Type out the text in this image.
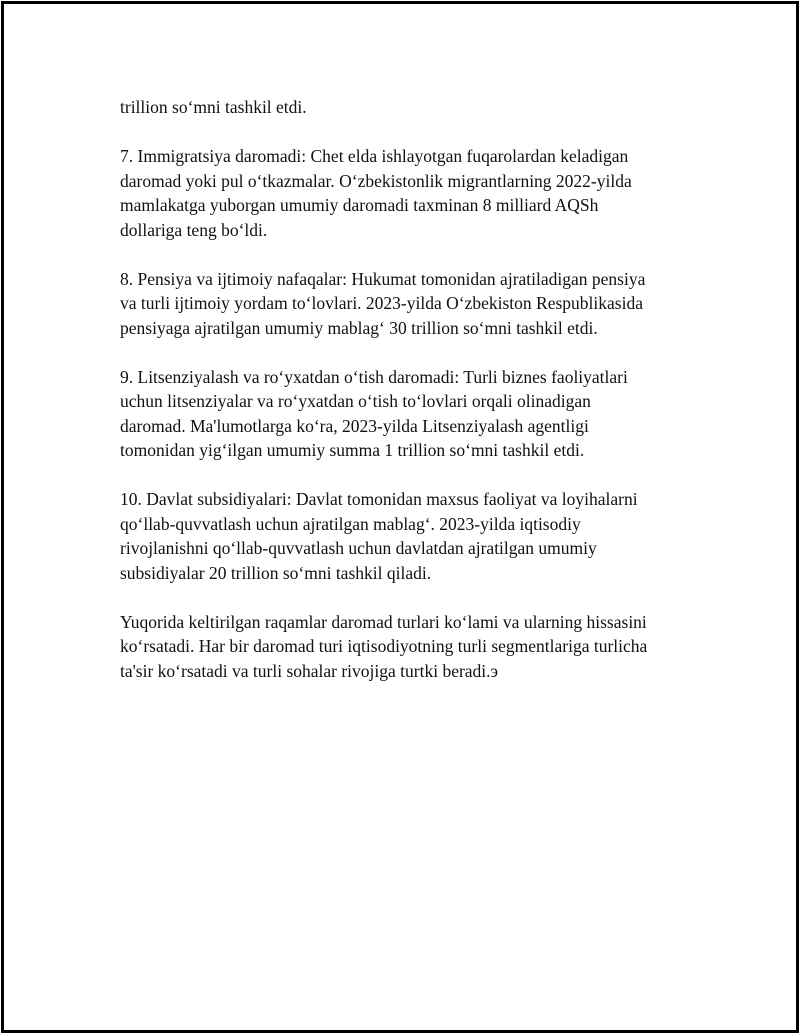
trillion so‘mni tashkil etdi.

7. Immigratsiya daromadi: Chet elda ishlayotgan fuqarolardan keladigan
daromad yoki pul o‘tkazmalar. O‘zbekistonlik migrantlarning 2022-yilda
mamlakatga yuborgan umumiy daromadi taxminan 8 milliard AQSh
dollariga teng bo‘ldi.

8. Pensiya va ijtimoiy nafaqalar: Hukumat tomonidan ajratiladigan pensiya
va turli ijtimoiy yordam to‘lovlari. 2023-yilda O‘zbekiston Respublikasida
pensiyaga ajratilgan umumiy mablag‘ 30 trillion so‘mni tashkil etdi.

9. Litsenziyalash va ro‘yxatdan o‘tish daromadi: Turli biznes faoliyatlari
uchun litsenziyalar va ro‘yxatdan o‘tish to‘lovlari orqali olinadigan
daromad. Ma'lumotlarga ko‘ra, 2023-yilda Litsenziyalash agentligi
tomonidan yig‘ilgan umumiy summa 1 trillion so‘mni tashkil etdi.

10. Davlat subsidiyalari: Davlat tomonidan maxsus faoliyat va loyihalarni
qo‘llab-quvvatlash uchun ajratilgan mablag‘. 2023-yilda iqtisodiy
rivojlanishni qo‘llab-quvvatlash uchun davlatdan ajratilgan umumiy
subsidiyalar 20 trillion so‘mni tashkil qiladi.

Yuqorida keltirilgan raqamlar daromad turlari ko‘lami va ularning hissasini
ko‘rsatadi. Har bir daromad turi iqtisodiyotning turli segmentlariga turlicha
ta'sir ko‘rsatadi va turli sohalar rivojiga turtki beradi.э
